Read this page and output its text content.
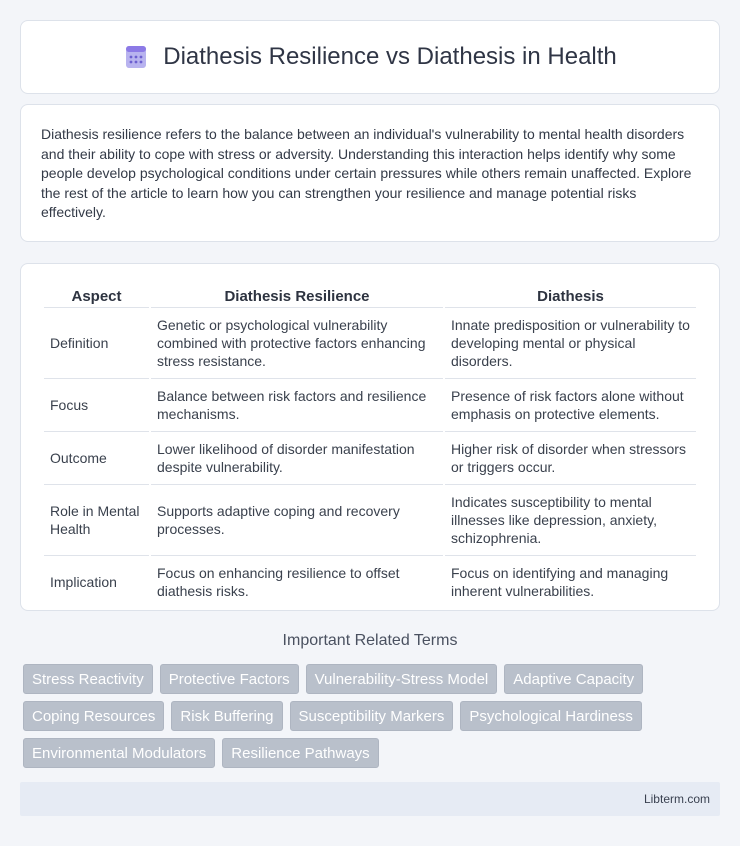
Diathesis Resilience vs Diathesis in Health

Diathesis resilience refers to the balance between an individual's vulnerability to mental health disorders and their ability to cope with stress or adversity. Understanding this interaction helps identify why some people develop psychological conditions under certain pressures while others remain unaffected. Explore the rest of the article to learn how you can strengthen your resilience and manage potential risks effectively.

Aspect	Diathesis Resilience	Diathesis
Definition	Genetic or psychological vulnerability combined with protective factors enhancing stress resistance.	Innate predisposition or vulnerability to developing mental or physical disorders.
Focus	Balance between risk factors and resilience mechanisms.	Presence of risk factors alone without emphasis on protective elements.
Outcome	Lower likelihood of disorder manifestation despite vulnerability.	Higher risk of disorder when stressors or triggers occur.
Role in Mental Health	Supports adaptive coping and recovery processes.	Indicates susceptibility to mental illnesses like depression, anxiety, schizophrenia.
Implication	Focus on enhancing resilience to offset diathesis risks.	Focus on identifying and managing inherent vulnerabilities.
Important Related Terms
Stress Reactivity	Protective Factors	Vulnerability-Stress Model	Adaptive Capacity
Coping Resources	Risk Buffering	Susceptibility Markers	Psychological Hardiness
Environmental Modulators	Resilience Pathways
Libterm.com
